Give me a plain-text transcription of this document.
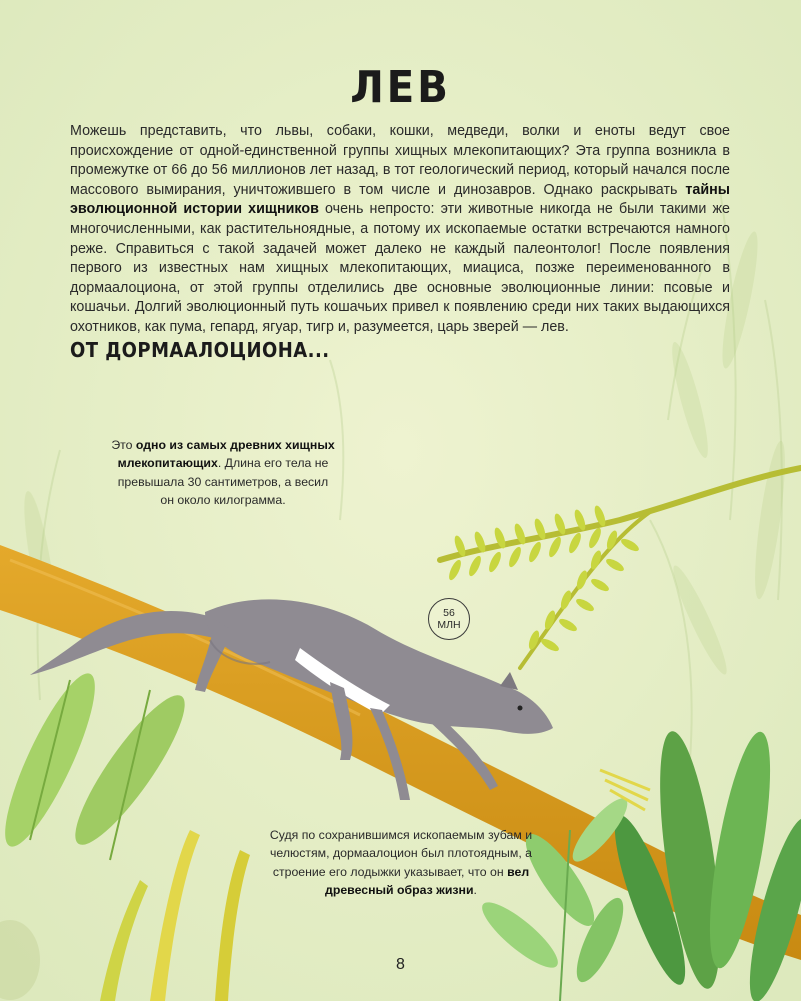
ЛЕВ
Можешь представить, что львы, собаки, кошки, медведи, волки и еноты ведут свое происхождение от одной-единственной группы хищных млекопитающих? Эта группа возникла в промежутке от 66 до 56 миллионов лет назад, в тот геологический период, который начался после массового вымирания, уничтожившего в том числе и динозавров. Однако раскрывать тайны эволюционной истории хищников очень непросто: эти животные никогда не были такими же многочисленными, как растительноядные, а потому их ископаемые остатки встречаются намного реже. Справиться с такой задачей может далеко не каждый палеонтолог! После появления первого из известных нам хищных млекопитающих, миациса, позже переименованного в дормаалоциона, от этой группы отделились две основные эволюционные линии: псовые и кошачьи. Долгий эволюционный путь кошачьих привел к появлению среди них таких выдающихся охотников, как пума, гепард, ягуар, тигр и, разумеется, царь зверей — лев.
ОТ ДОРМААЛОЦИОНА...
Это одно из самых древних хищных млекопитающих. Длина его тела не превышала 30 сантиметров, а весил он около килограмма.
56
МЛН
Судя по сохранившимся ископаемым зубам и челюстям, дормаалоцион был плотоядным, а строение его лодыжки указывает, что он вел древесный образ жизни.
8
